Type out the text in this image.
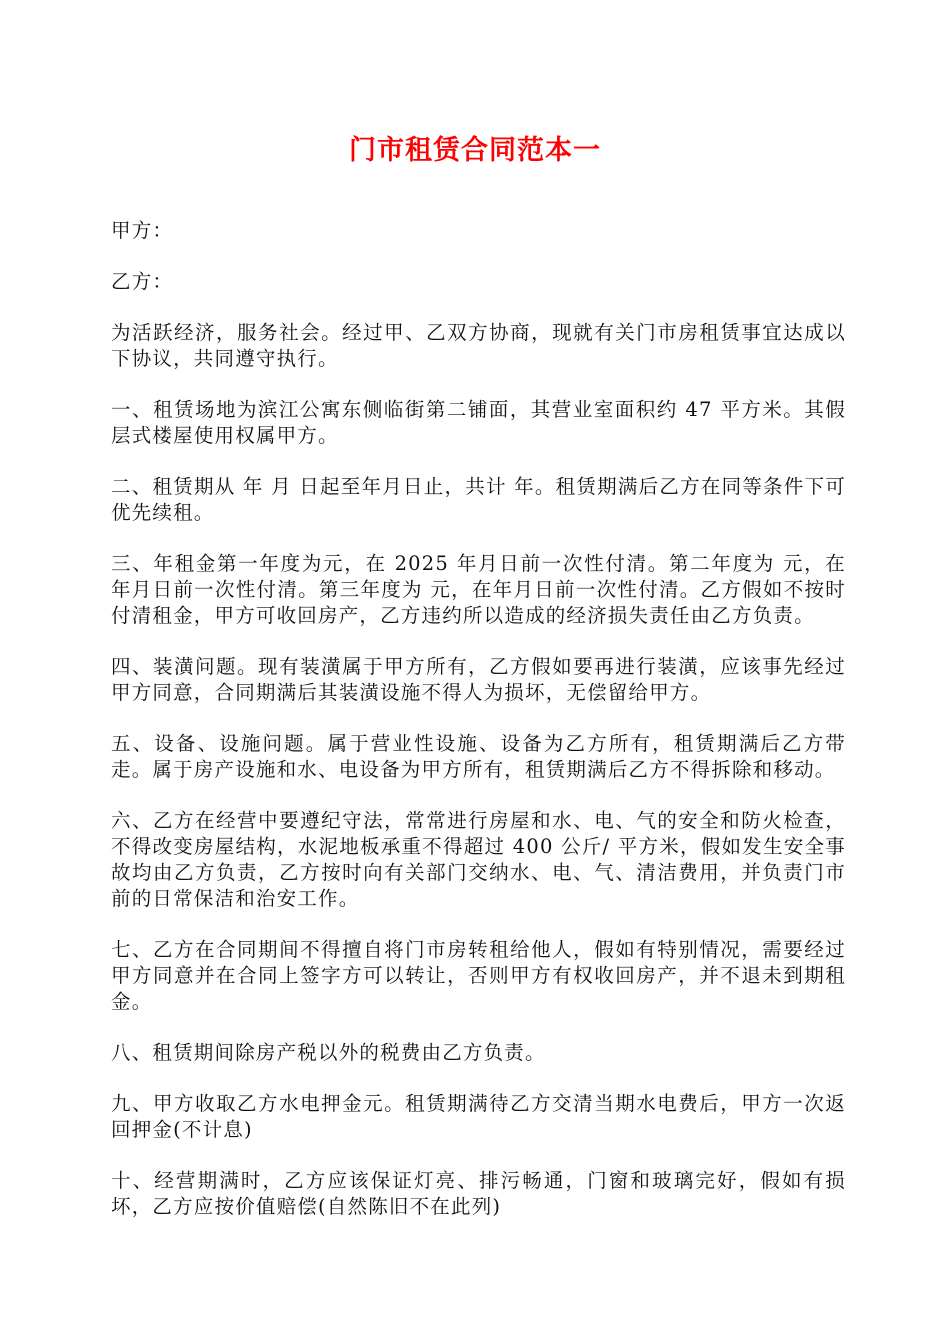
门市租赁合同范本一

甲方：

乙方：

为活跃经济，服务社会。经过甲、乙双方协商，现就有关门市房租赁事宜达成以下协议，共同遵守执行。

一、租赁场地为滨江公寓东侧临街第二铺面，其营业室面积约 47 平方米。其假层式楼屋使用权属甲方。

二、租赁期从 年 月 日起至年月日止，共计 年。租赁期满后乙方在同等条件下可优先续租。

三、年租金第一年度为元，在 2025 年月日前一次性付清。第二年度为 元，在年月日前一次性付清。第三年度为 元，在年月日前一次性付清。乙方假如不按时付清租金，甲方可收回房产，乙方违约所以造成的经济损失责任由乙方负责。

四、装潢问题。现有装潢属于甲方所有，乙方假如要再进行装潢，应该事先经过甲方同意，合同期满后其装潢设施不得人为损坏，无偿留给甲方。

五、设备、设施问题。属于营业性设施、设备为乙方所有，租赁期满后乙方带走。属于房产设施和水、电设备为甲方所有，租赁期满后乙方不得拆除和移动。

六、乙方在经营中要遵纪守法，常常进行房屋和水、电、气的安全和防火检查，不得改变房屋结构，水泥地板承重不得超过 400 公斤/ 平方米，假如发生安全事故均由乙方负责，乙方按时向有关部门交纳水、电、气、清洁费用，并负责门市前的日常保洁和治安工作。

七、乙方在合同期间不得擅自将门市房转租给他人，假如有特别情况，需要经过甲方同意并在合同上签字方可以转让，否则甲方有权收回房产，并不退未到期租金。

八、租赁期间除房产税以外的税费由乙方负责。

九、甲方收取乙方水电押金元。租赁期满待乙方交清当期水电费后，甲方一次返回押金(不计息)

十、经营期满时，乙方应该保证灯亮、排污畅通，门窗和玻璃完好，假如有损坏，乙方应按价值赔偿(自然陈旧不在此列)
